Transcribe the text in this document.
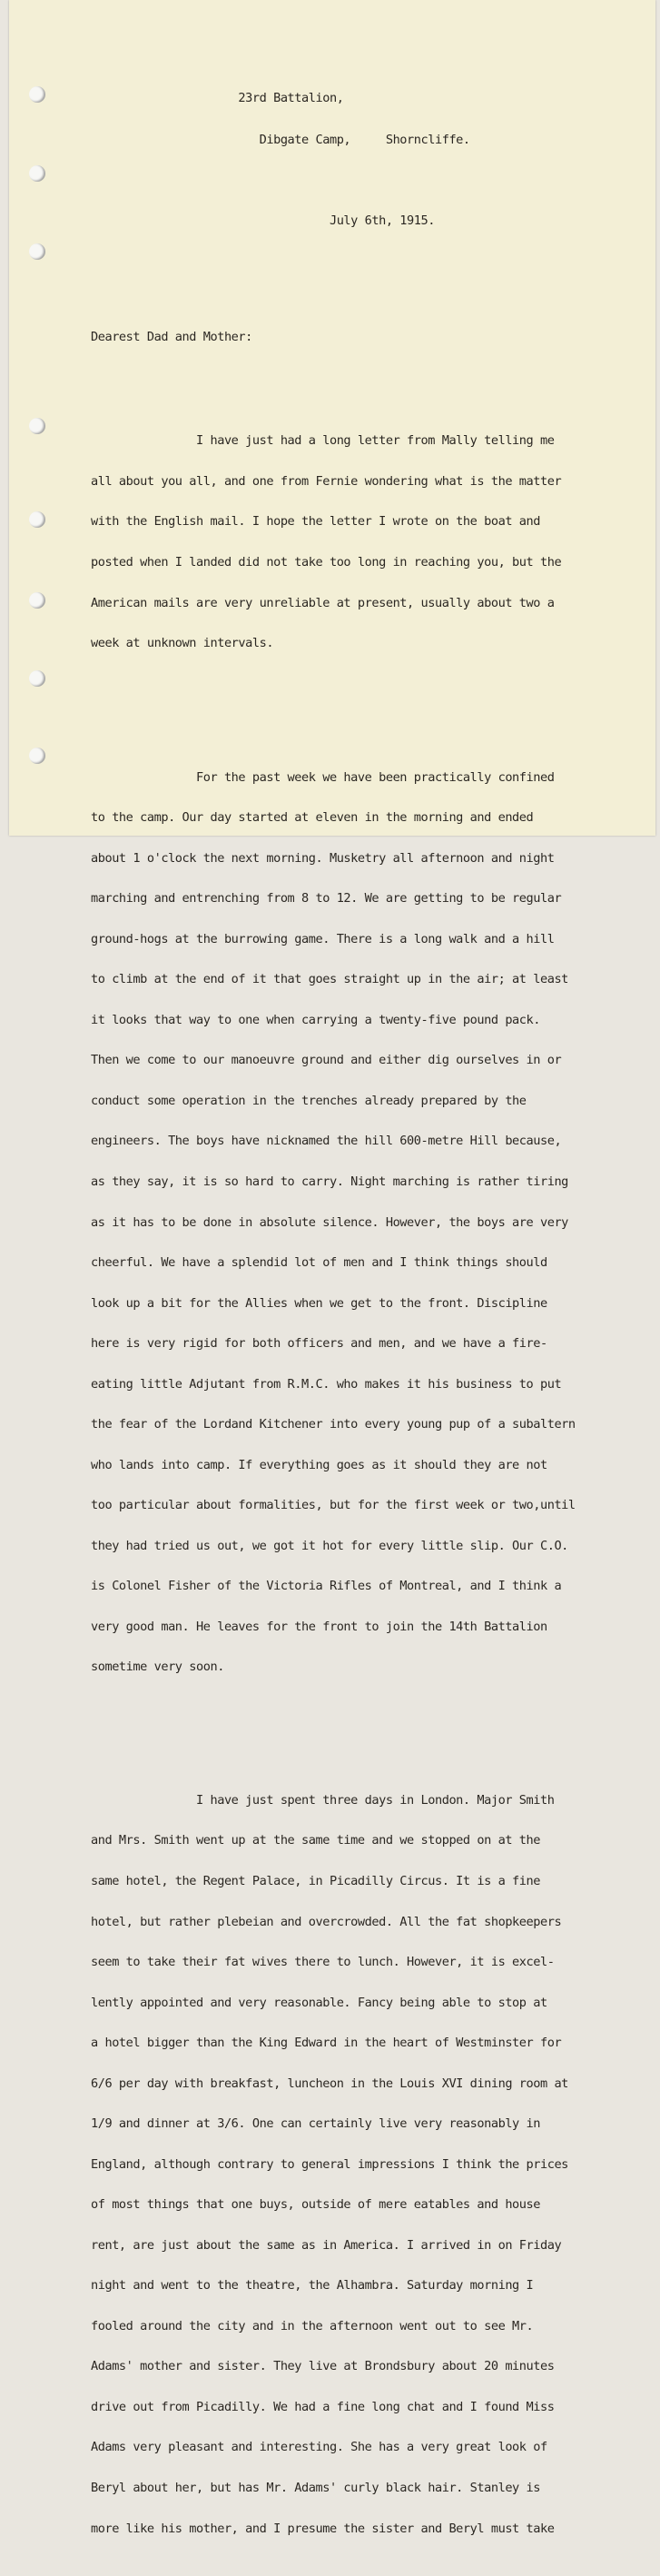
23rd Battalion,

Dibgate Camp,     Shorncliffe.

July 6th, 1915.

Dearest Dad and Mother:

I have just had a long letter from Mally telling me

all about you all, and one from Fernie wondering what is the matter

with the English mail. I hope the letter I wrote on the boat and

posted when I landed did not take too long in reaching you, but the

American mails are very unreliable at present, usually about two a

week at unknown intervals.

For the past week we have been practically confined

to the camp. Our day started at eleven in the morning and ended

about 1 o'clock the next morning. Musketry all afternoon and night

marching and entrenching from 8 to 12. We are getting to be regular

ground-hogs at the burrowing game. There is a long walk and a hill

to climb at the end of it that goes straight up in the air; at least

it looks that way to one when carrying a twenty-five pound pack.

Then we come to our manoeuvre ground and either dig ourselves in or

conduct some operation in the trenches already prepared by the

engineers. The boys have nicknamed the hill 600-metre Hill because,

as they say, it is so hard to carry. Night marching is rather tiring

as it has to be done in absolute silence. However, the boys are very

cheerful. We have a splendid lot of men and I think things should

look up a bit for the Allies when we get to the front. Discipline

here is very rigid for both officers and men, and we have a fire-

eating little Adjutant from R.M.C. who makes it his business to put

the fear of the Lordand Kitchener into every young pup of a subaltern

who lands into camp. If everything goes as it should they are not

too particular about formalities, but for the first week or two,until

they had tried us out, we got it hot for every little slip. Our C.O.

is Colonel Fisher of the Victoria Rifles of Montreal, and I think a

very good man. He leaves for the front to join the 14th Battalion

sometime very soon.

I have just spent three days in London. Major Smith

and Mrs. Smith went up at the same time and we stopped on at the

same hotel, the Regent Palace, in Picadilly Circus. It is a fine

hotel, but rather plebeian and overcrowded. All the fat shopkeepers

seem to take their fat wives there to lunch. However, it is excel-

lently appointed and very reasonable. Fancy being able to stop at

a hotel bigger than the King Edward in the heart of Westminster for

6/6 per day with breakfast, luncheon in the Louis XVI dining room at

1/9 and dinner at 3/6. One can certainly live very reasonably in

England, although contrary to general impressions I think the prices

of most things that one buys, outside of mere eatables and house

rent, are just about the same as in America. I arrived in on Friday

night and went to the theatre, the Alhambra. Saturday morning I

fooled around the city and in the afternoon went out to see Mr.

Adams' mother and sister. They live at Brondsbury about 20 minutes

drive out from Picadilly. We had a fine long chat and I found Miss

Adams very pleasant and interesting. She has a very great look of

Beryl about her, but has Mr. Adams' curly black hair. Stanley is

more like his mother, and I presume the sister and Beryl must take
